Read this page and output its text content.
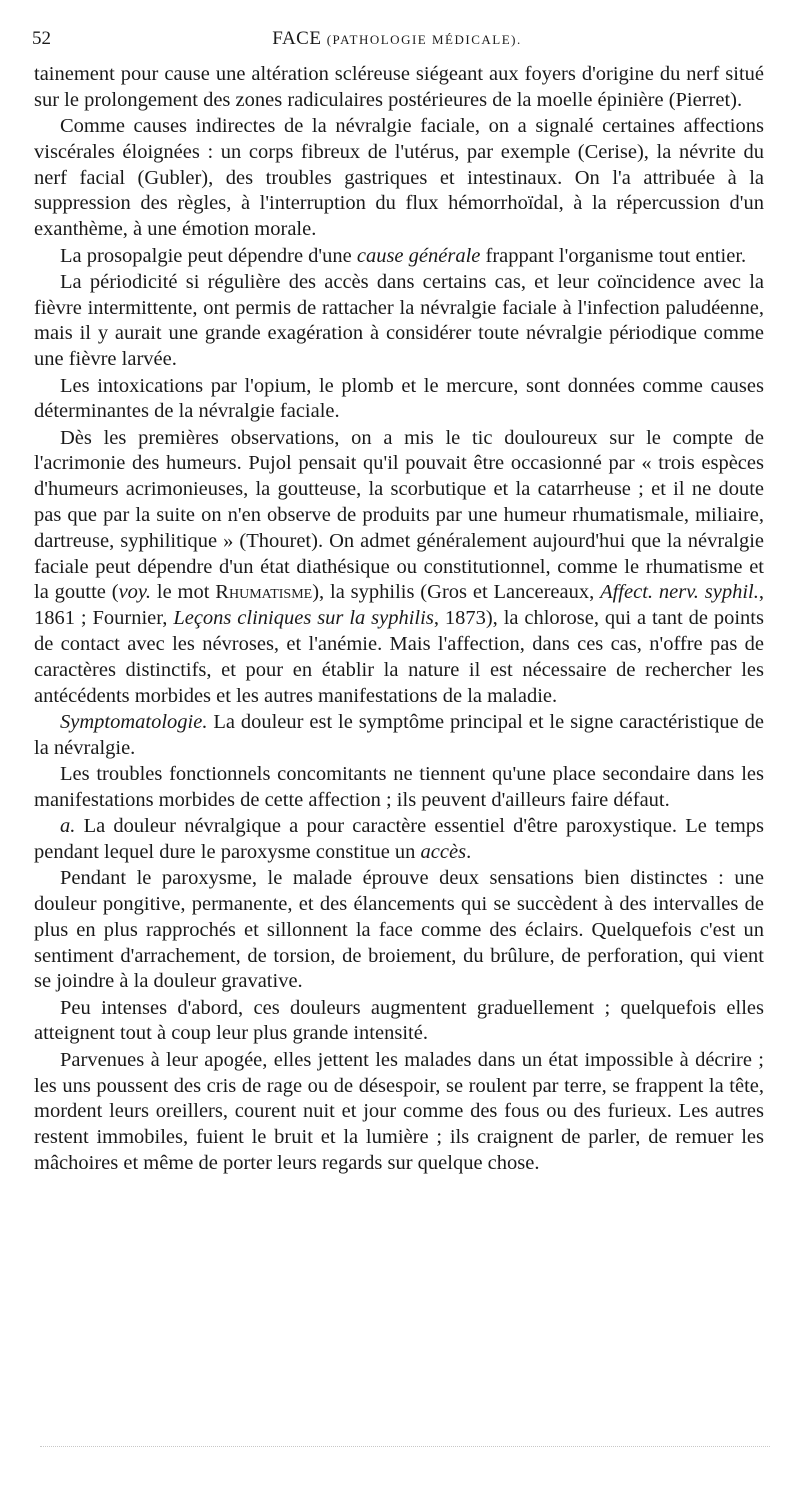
52	FACE (PATHOLOGIE MÉDICALE).

tainement pour cause une altération scléreuse siégeant aux foyers d'origine du nerf situé sur le prolongement des zones radiculaires postérieures de la moelle épinière (Pierret).

Comme causes indirectes de la névralgie faciale, on a signalé certaines affections viscérales éloignées : un corps fibreux de l'utérus, par exemple (Cerise), la névrite du nerf facial (Gubler), des troubles gastriques et intestinaux. On l'a attribuée à la suppression des règles, à l'interruption du flux hémorrhoïdal, à la répercussion d'un exanthème, à une émotion morale.

La prosopalgie peut dépendre d'une cause générale frappant l'organisme tout entier.

La périodicité si régulière des accès dans certains cas, et leur coïncidence avec la fièvre intermittente, ont permis de rattacher la névralgie faciale à l'infection paludéenne, mais il y aurait une grande exagération à considérer toute névralgie périodique comme une fièvre larvée.

Les intoxications par l'opium, le plomb et le mercure, sont données comme causes déterminantes de la névralgie faciale.

Dès les premières observations, on a mis le tic douloureux sur le compte de l'acrimonie des humeurs. Pujol pensait qu'il pouvait être occasionné par « trois espèces d'humeurs acrimonieuses, la goutteuse, la scorbutique et la catarrheuse ; et il ne doute pas que par la suite on n'en observe de produits par une humeur rhumatismale, miliaire, dartreuse, syphilitique » (Thouret). On admet généralement aujourd'hui que la névralgie faciale peut dépendre d'un état diathésique ou constitutionnel, comme le rhumatisme et la goutte (voy. le mot Rhumatisme), la syphilis (Gros et Lancereaux, Affect. nerv. syphil., 1861 ; Fournier, Leçons cliniques sur la syphilis, 1873), la chlorose, qui a tant de points de contact avec les névroses, et l'anémie. Mais l'affection, dans ces cas, n'offre pas de caractères distinctifs, et pour en établir la nature il est nécessaire de rechercher les antécédents morbides et les autres manifestations de la maladie.

Symptomatologie. La douleur est le symptôme principal et le signe caractéristique de la névralgie.

Les troubles fonctionnels concomitants ne tiennent qu'une place secondaire dans les manifestations morbides de cette affection ; ils peuvent d'ailleurs faire défaut.

a. La douleur névralgique a pour caractère essentiel d'être paroxystique. Le temps pendant lequel dure le paroxysme constitue un accès.

Pendant le paroxysme, le malade éprouve deux sensations bien distinctes : une douleur pongitive, permanente, et des élancements qui se succèdent à des intervalles de plus en plus rapprochés et sillonnent la face comme des éclairs. Quelquefois c'est un sentiment d'arrachement, de torsion, de broiement, du brûlure, de perforation, qui vient se joindre à la douleur gravative.

Peu intenses d'abord, ces douleurs augmentent graduellement ; quelquefois elles atteignent tout à coup leur plus grande intensité.

Parvenues à leur apogée, elles jettent les malades dans un état impossible à décrire ; les uns poussent des cris de rage ou de désespoir, se roulent par terre, se frappent la tête, mordent leurs oreillers, courent nuit et jour comme des fous ou des furieux. Les autres restent immobiles, fuient le bruit et la lumière ; ils craignent de parler, de remuer les mâchoires et même de porter leurs regards sur quelque chose.
